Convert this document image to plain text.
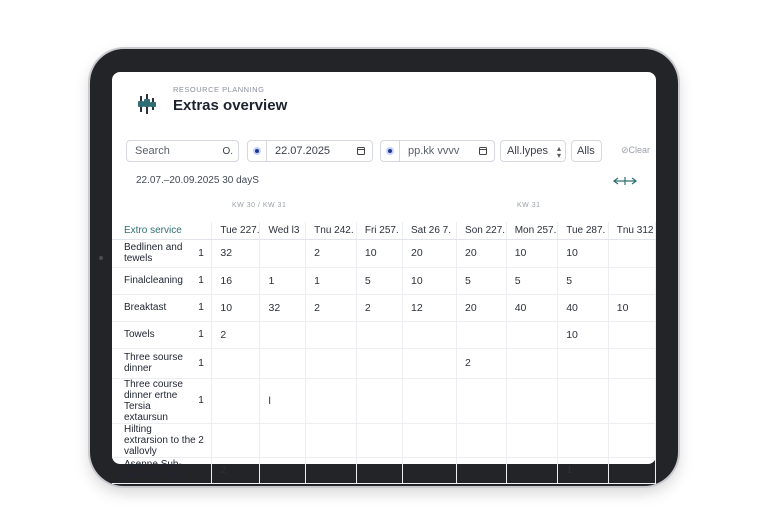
RESOURCE PLANNING
Extras overview
Search	O.	22.07.2025	pp.kk vvvv	All.lypes ▴
▾	Alls	⊘Clear
22.07.–20.09.2025 30 dayS
KW 30 / KW 31	KW 31
Extro service		Tue 227.	Wed l3	Tnu 242.	Fri 257.	Sat 26 7.	Son 227.	Mon 257.	Tue 287.	Tnu 312
Bedlinen and tewels	1	32		2	10	20	20	10	10	
Finalcleaning	1	16	1	1	5	10	5	5	5	
Breaktast	1	10	32	2	2	12	20	40	40	10
Towels	1	2							10	
Three sourse dinner	1						2			
Three course dinner ertne Tersia extaursun	1		l							
Hilting extrarsion to the vallovly	2									
Asenne Sub-boards tinell	1	2							1	
